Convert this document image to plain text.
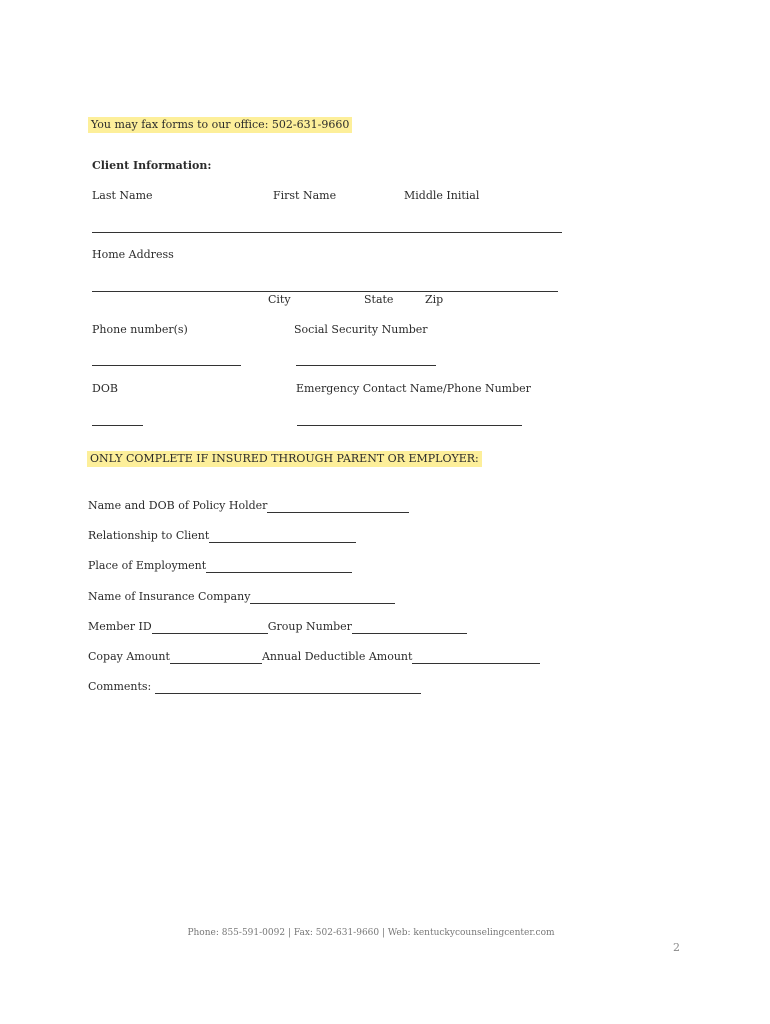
You may fax forms to our office: 502-631-9660
Client Information:
Last Name	First Name	Middle Initial
Home Address
City	State	Zip
Phone number(s)	Social Security Number
DOB	Emergency Contact Name/Phone Number
ONLY COMPLETE IF INSURED THROUGH PARENT OR EMPLOYER:
Name and DOB of Policy Holder
Relationship to Client
Place of Employment
Name of Insurance Company
Member ID	Group Number
Copay Amount	Annual Deductible Amount
Comments:
Phone: 855-591-0092 | Fax: 502-631-9660 | Web: kentuckycounselingcenter.com
2
